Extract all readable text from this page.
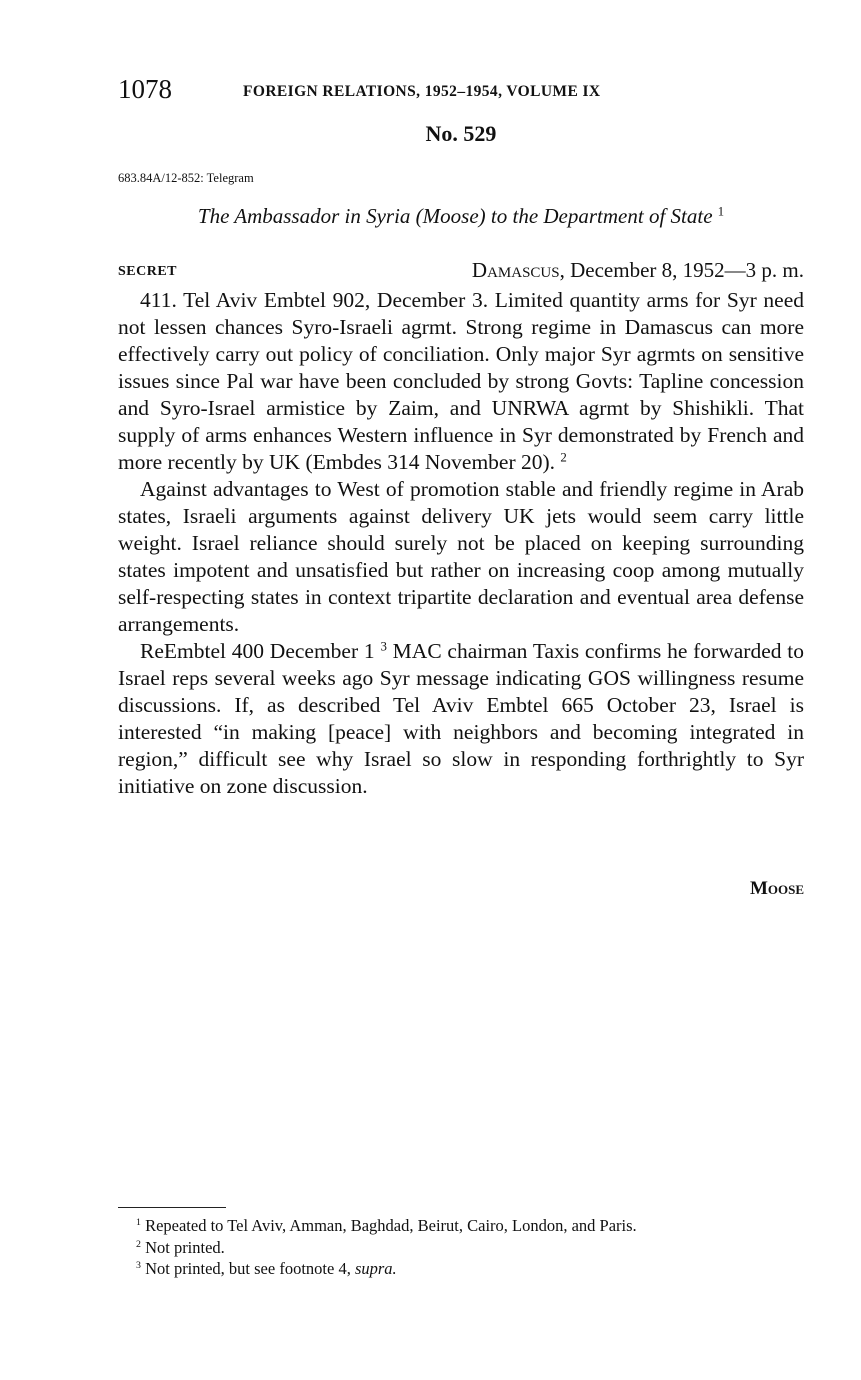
1078	FOREIGN RELATIONS, 1952–1954, VOLUME IX
No. 529
683.84A/12-852: Telegram
The Ambassador in Syria (Moose) to the Department of State $^1$
SECRET	Damascus, December 8, 1952—3 p. m.

411. Tel Aviv Embtel 902, December 3. Limited quantity arms for Syr need not lessen chances Syro-Israeli agrmt. Strong regime in Damascus can more effectively carry out policy of conciliation. Only major Syr agrmts on sensitive issues since Pal war have been concluded by strong Govts: Tapline concession and Syro-Israel armistice by Zaim, and UNRWA agrmt by Shishikli. That supply of arms enhances Western influence in Syr demonstrated by French and more recently by UK (Embdes 314 November 20). $^2$

Against advantages to West of promotion stable and friendly regime in Arab states, Israeli arguments against delivery UK jets would seem carry little weight. Israel reliance should surely not be placed on keeping surrounding states impotent and unsatisfied but rather on increasing coop among mutually self-respecting states in context tripartite declaration and eventual area defense arrangements.

ReEmbtel 400 December 1 $^3$ MAC chairman Taxis confirms he forwarded to Israel reps several weeks ago Syr message indicating GOS willingness resume discussions. If, as described Tel Aviv Embtel 665 October 23, Israel is interested “in making [peace] with neighbors and becoming integrated in region,” difficult see why Israel so slow in responding forthrightly to Syr initiative on zone discussion.

Moose

$^1$ Repeated to Tel Aviv, Amman, Baghdad, Beirut, Cairo, London, and Paris.

$^2$ Not printed.

$^3$ Not printed, but see footnote 4, supra.
